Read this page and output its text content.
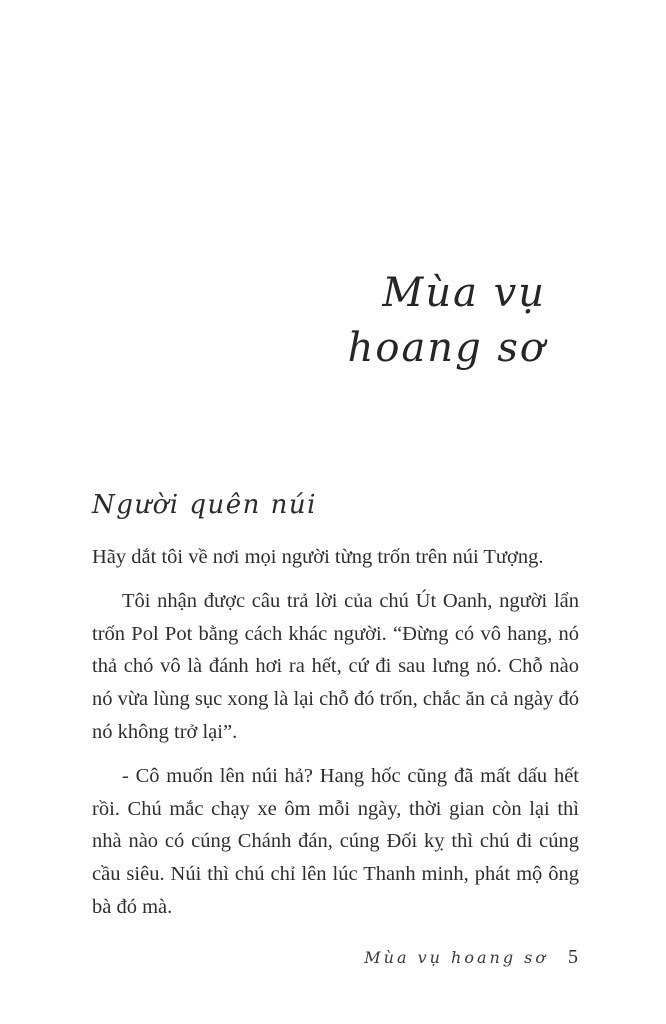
Mùa vụ
hoang sơ
Người quên núi

Hãy dắt tôi về nơi mọi người từng trốn trên núi Tượng.

Tôi nhận được câu trả lời của chú Út Oanh, người lẩn trốn Pol Pot bằng cách khác người. “Đừng có vô hang, nó thả chó vô là đánh hơi ra hết, cứ đi sau lưng nó. Chỗ nào nó vừa lùng sục xong là lại chỗ đó trốn, chắc ăn cả ngày đó nó không trở lại”.

- Cô muốn lên núi hả? Hang hốc cũng đã mất dấu hết rồi. Chú mắc chạy xe ôm mỗi ngày, thời gian còn lại thì nhà nào có cúng Chánh đán, cúng Đối kỵ thì chú đi cúng cầu siêu. Núi thì chú chỉ lên lúc Thanh minh, phát mộ ông bà đó mà.

Mùa vụ hoang sơ 5
